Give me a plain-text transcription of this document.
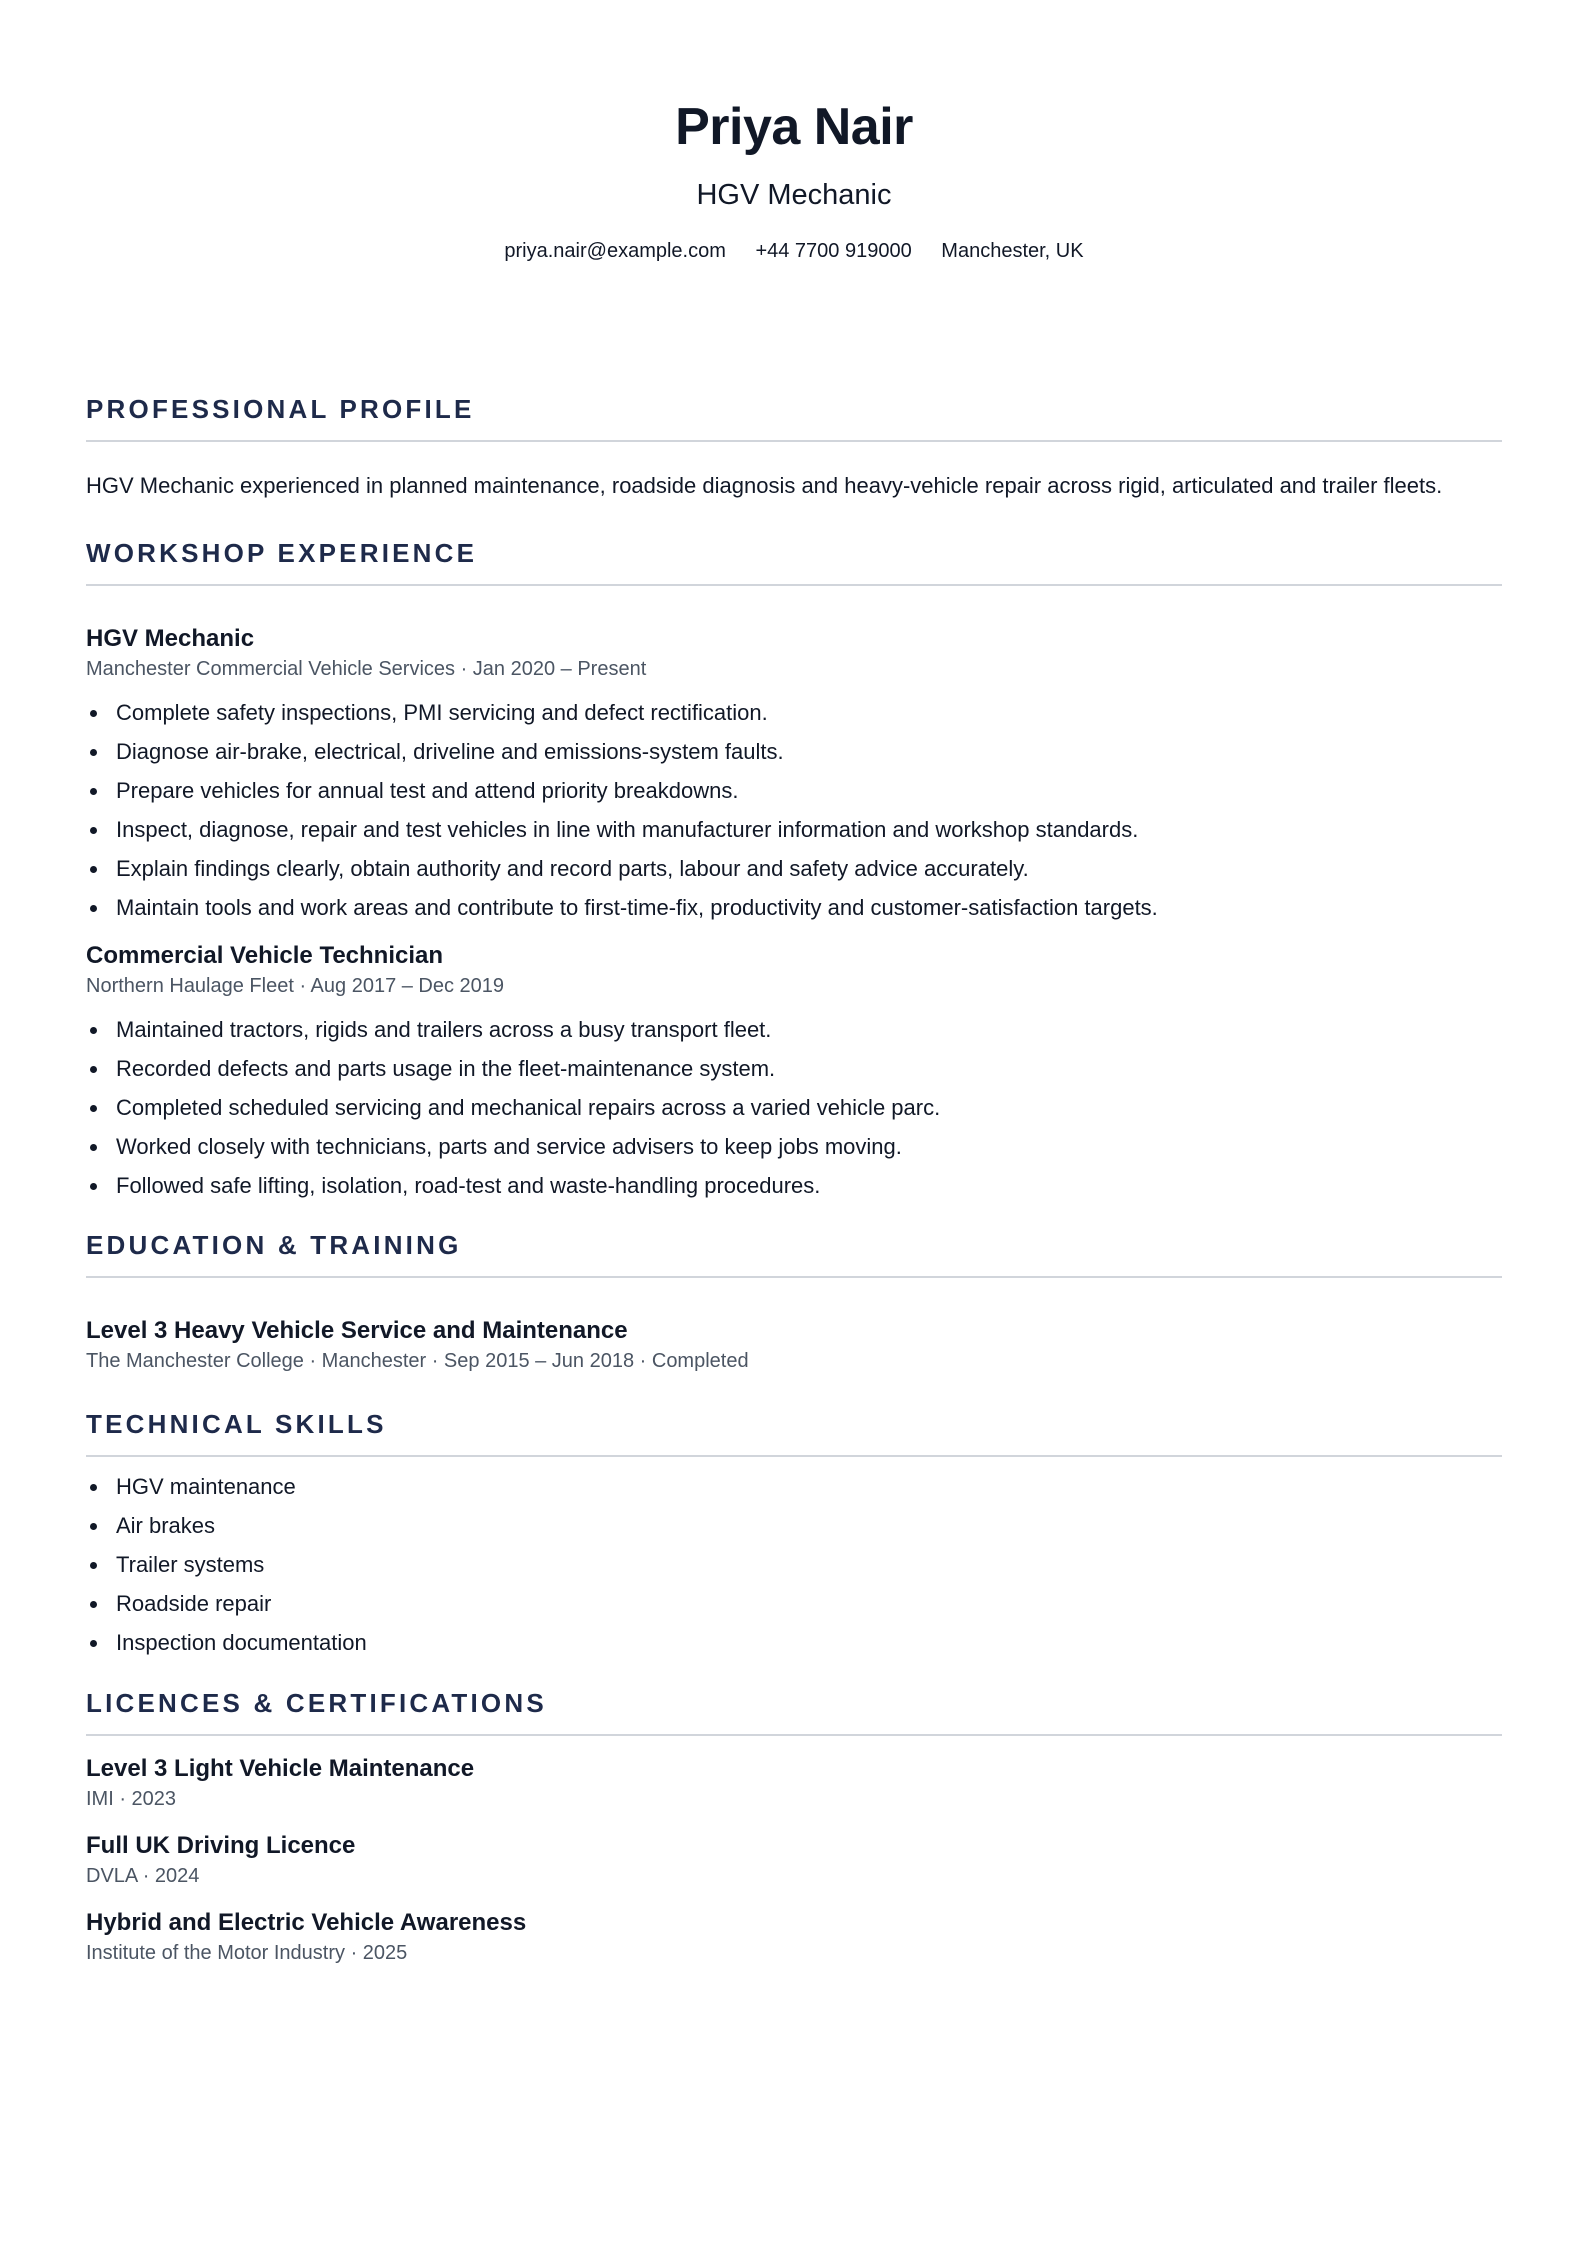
Priya Nair
HGV Mechanic
priya.nair@example.com +44 7700 919000 Manchester, UK
PROFESSIONAL PROFILE

HGV Mechanic experienced in planned maintenance, roadside diagnosis and heavy-vehicle repair across rigid, articulated and trailer fleets.

WORKSHOP EXPERIENCE
HGV Mechanic
Manchester Commercial Vehicle Services · Jan 2020 – Present
Complete safety inspections, PMI servicing and defect rectification.
Diagnose air-brake, electrical, driveline and emissions-system faults.
Prepare vehicles for annual test and attend priority breakdowns.
Inspect, diagnose, repair and test vehicles in line with manufacturer information and workshop standards.
Explain findings clearly, obtain authority and record parts, labour and safety advice accurately.
Maintain tools and work areas and contribute to first-time-fix, productivity and customer-satisfaction targets.
Commercial Vehicle Technician
Northern Haulage Fleet · Aug 2017 – Dec 2019
Maintained tractors, rigids and trailers across a busy transport fleet.
Recorded defects and parts usage in the fleet-maintenance system.
Completed scheduled servicing and mechanical repairs across a varied vehicle parc.
Worked closely with technicians, parts and service advisers to keep jobs moving.
Followed safe lifting, isolation, road-test and waste-handling procedures.
EDUCATION & TRAINING
Level 3 Heavy Vehicle Service and Maintenance
The Manchester College · Manchester · Sep 2015 – Jun 2018 · Completed
TECHNICAL SKILLS
HGV maintenance
Air brakes
Trailer systems
Roadside repair
Inspection documentation
LICENCES & CERTIFICATIONS
Level 3 Light Vehicle Maintenance
IMI · 2023
Full UK Driving Licence
DVLA · 2024
Hybrid and Electric Vehicle Awareness
Institute of the Motor Industry · 2025
